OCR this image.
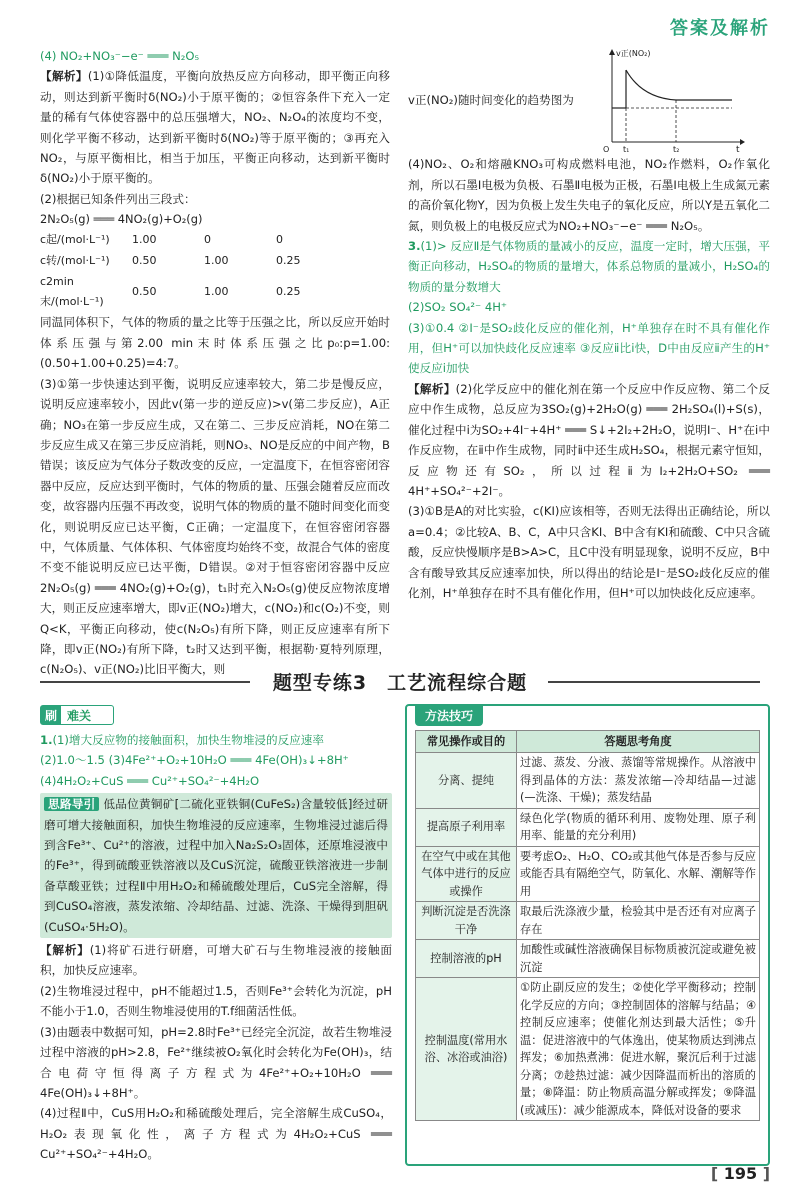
答案及解析

(4) NO₂+NO₃⁻−e⁻ ═══ N₂O₅

【解析】(1)①降低温度，平衡向放热反应方向移动，即平衡正向移动，则达到新平衡时δ(NO₂)小于原平衡的；②恒容条件下充入一定量的稀有气体使容器中的总压强增大，NO₂、N₂O₄的浓度均不变，则化学平衡不移动，达到新平衡时δ(NO₂)等于原平衡的；③再充入NO₂，与原平衡相比，相当于加压，平衡正向移动，达到新平衡时δ(NO₂)小于原平衡的。

(2)根据已知条件列出三段式：

2N₂O₅(g) ═══ 4NO₂(g)+O₂(g)

c起/(mol·L⁻¹)	1.00	0	0
c转/(mol·L⁻¹)	0.50	1.00	0.25
c2min末/(mol·L⁻¹)	0.50	1.00	0.25

同温同体积下，气体的物质的量之比等于压强之比，所以反应开始时体系压强与第2.00 min末时体系压强之比p₀:p=1.00:(0.50+1.00+0.25)=4:7。

(3)①第一步快速达到平衡，说明反应速率较大，第二步是慢反应，说明反应速率较小，因此v(第一步的逆反应)>v(第二步反应)，A正确；NO₃在第一步反应生成，又在第二、三步反应消耗，NO在第二步反应生成又在第三步反应消耗，则NO₃、NO是反应的中间产物，B错误；该反应为气体分子数改变的反应，一定温度下，在恒容密闭容器中反应，反应达到平衡时，气体的物质的量、压强会随着反应而改变，故容器内压强不再改变，说明气体的物质的量不随时间变化而变化，则说明反应已达平衡，C正确；一定温度下，在恒容密闭容器中，气体质量、气体体积、气体密度均始终不变，故混合气体的密度不变不能说明反应已达平衡，D错误。②对于恒容密闭容器中反应2N₂O₅(g) ═══ 4NO₂(g)+O₂(g)，t₁时充入N₂O₅(g)使反应物浓度增大，则正反应速率增大，即v正(NO₂)增大，c(NO₂)和c(O₂)不变，则Q<K，平衡正向移动，使c(N₂O₅)有所下降，则正反应速率有所下降，即v正(NO₂)有所下降，t₂时又达到平衡，根据勒·夏特列原理，c(N₂O₅)、v正(NO₂)比旧平衡大，则

v正(NO₂)随时间变化的趋势图为

(4)NO₂、O₂和熔融KNO₃可构成燃料电池，NO₂作燃料，O₂作氧化剂，所以石墨Ⅰ电极为负极、石墨Ⅱ电极为正极，石墨Ⅰ电极上生成氮元素的高价氧化物Y，因为负极上发生失电子的氧化反应，所以Y是五氧化二氮，则负极上的电极反应式为NO₂+NO₃⁻−e⁻ ═══ N₂O₅。

3.(1)> 反应Ⅱ是气体物质的量减小的反应，温度一定时，增大压强，平衡正向移动，H₂SO₄的物质的量增大，体系总物质的量减小，H₂SO₄的物质的量分数增大

(2)SO₂ SO₄²⁻ 4H⁺

(3)①0.4 ②I⁻是SO₂歧化反应的催化剂，H⁺单独存在时不具有催化作用，但H⁺可以加快歧化反应速率 ③反应ⅱ比ⅰ快，D中由反应ⅱ产生的H⁺使反应ⅰ加快

【解析】(2)化学反应中的催化剂在第一个反应中作反应物、第二个反应中作生成物，总反应为3SO₂(g)+2H₂O(g) ═══ 2H₂SO₄(l)+S(s)，催化过程中ⅰ为SO₂+4I⁻+4H⁺ ═══ S↓+2I₂+2H₂O，说明I⁻、H⁺在ⅰ中作反应物，在ⅱ中作生成物，同时ⅱ中还生成H₂SO₄，根据元素守恒知，反应物还有SO₂，所以过程ⅱ为I₂+2H₂O+SO₂ ═══ 4H⁺+SO₄²⁻+2I⁻。

(3)①B是A的对比实验，c(KI)应该相等，否则无法得出正确结论，所以a=0.4；②比较A、B、C，A中只含KI、B中含有KI和硫酸、C中只含硫酸，反应快慢顺序是B>A>C，且C中没有明显现象，说明不反应，B中含有酸导致其反应速率加快，所以得出的结论是I⁻是SO₂歧化反应的催化剂，H⁺单独存在时不具有催化作用，但H⁺可以加快歧化反应速率。

v正(NO₂)
t₁	t₂	t
O
题型专练3　工艺流程综合题
刷 难关

1.(1)增大反应物的接触面积，加快生物堆浸的反应速率

(2)1.0～1.5 (3)4Fe²⁺+O₂+10H₂O ═══ 4Fe(OH)₃↓+8H⁺

(4)4H₂O₂+CuS ═══ Cu²⁺+SO₄²⁻+4H₂O

思路导引 低品位黄铜矿[二硫化亚铁铜(CuFeS₂)含量较低]经过研磨可增大接触面积，加快生物堆浸的反应速率，生物堆浸过滤后得到含Fe³⁺、Cu²⁺的溶液，过程中加入Na₂S₂O₃固体，还原堆浸液中的Fe³⁺，得到硫酸亚铁溶液以及CuS沉淀，硫酸亚铁溶液进一步制备草酸亚铁；过程Ⅱ中用H₂O₂和稀硫酸处理后，CuS完全溶解，得到CuSO₄溶液，蒸发浓缩、冷却结晶、过滤、洗涤、干燥得到胆矾(CuSO₄·5H₂O)。

【解析】(1)将矿石进行研磨，可增大矿石与生物堆浸液的接触面积，加快反应速率。

(2)生物堆浸过程中，pH不能超过1.5，否则Fe³⁺会转化为沉淀，pH不能小于1.0，否则生物堆浸使用的T.f细菌活性低。

(3)由题表中数据可知，pH=2.8时Fe³⁺已经完全沉淀，故若生物堆浸过程中溶液的pH>2.8，Fe²⁺继续被O₂氧化时会转化为Fe(OH)₃，结合电荷守恒得离子方程式为4Fe²⁺+O₂+10H₂O ═══ 4Fe(OH)₃↓+8H⁺。

(4)过程Ⅱ中，CuS用H₂O₂和稀硫酸处理后，完全溶解生成CuSO₄，H₂O₂表现氧化性，离子方程式为4H₂O₂+CuS ═══ Cu²⁺+SO₄²⁻+4H₂O。

方法技巧
常见操作或目的	答题思考角度
分离、提纯	过滤、蒸发、分液、蒸馏等常规操作。从溶液中得到晶体的方法：蒸发浓缩—冷却结晶—过滤(—洗涤、干燥)；蒸发结晶
提高原子利用率	绿色化学(物质的循环利用、废物处理、原子利用率、能量的充分利用)
在空气中或在其他气体中进行的反应或操作	要考虑O₂、H₂O、CO₂或其他气体是否参与反应或能否具有隔绝空气，防氧化、水解、潮解等作用
判断沉淀是否洗涤干净	取最后洗涤液少量，检验其中是否还有对应离子存在
控制溶液的pH	加酸性或碱性溶液确保目标物质被沉淀或避免被沉淀
控制温度(常用水浴、冰浴或油浴)	①防止副反应的发生；②使化学平衡移动；控制化学反应的方向；③控制固体的溶解与结晶；④控制反应速率；使催化剂达到最大活性；⑤升温：促进溶液中的气体逸出，使某物质达到沸点挥发；⑥加热煮沸：促进水解，聚沉后利于过滤分离；⑦趁热过滤：减少因降温而析出的溶质的量；⑧降温：防止物质高温分解或挥发；⑨降温(或减压)：减少能源成本，降低对设备的要求
[ 195 ]
